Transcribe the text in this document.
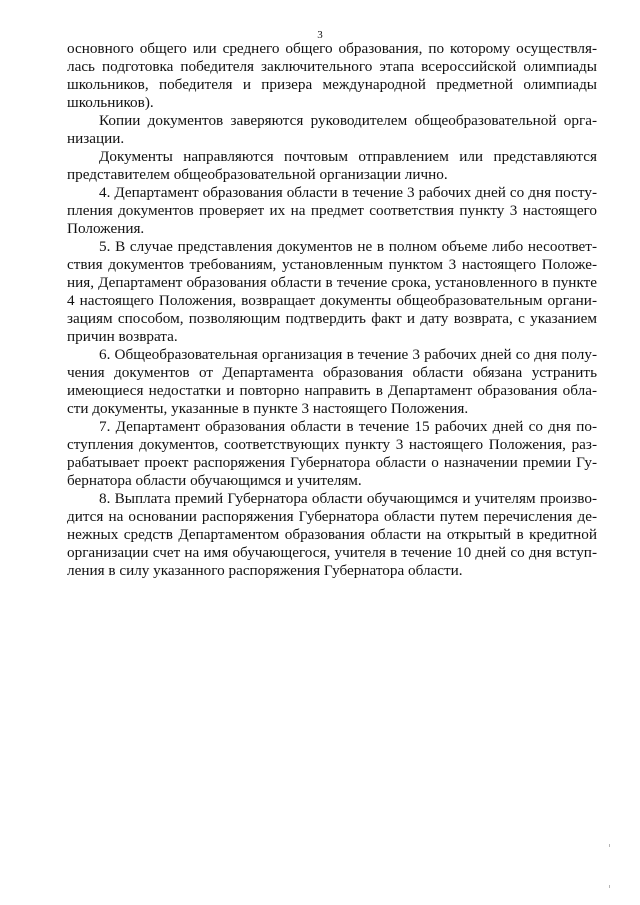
3

основного общего или среднего общего образования, по которому осуществлялась подготовка победителя заключительного этапа всероссийской олимпиады школьников, победителя и призера международной предметной олимпиады школьников).

Копии документов заверяются руководителем общеобразовательной организации.

Документы направляются почтовым отправлением или представляются представителем общеобразовательной организации лично.

4. Департамент образования области в течение 3 рабочих дней со дня поступления документов проверяет их на предмет соответствия пункту 3 настоящего Положения.

5. В случае представления документов не в полном объеме либо несоответствия документов требованиям, установленным пунктом 3 настоящего Положения, Департамент образования области в течение срока, установленного в пункте 4 настоящего Положения, возвращает документы общеобразовательным организациям способом, позволяющим подтвердить факт и дату возврата, с указанием причин возврата.

6. Общеобразовательная организация в течение 3 рабочих дней со дня получения документов от Департамента образования области обязана устранить имеющиеся недостатки и повторно направить в Департамент образования области документы, указанные в пункте 3 настоящего Положения.

7. Департамент образования области в течение 15 рабочих дней со дня поступления документов, соответствующих пункту 3 настоящего Положения, разрабатывает проект распоряжения Губернатора области о назначении премии Губернатора области обучающимся и учителям.

8. Выплата премий Губернатора области обучающимся и учителям производится на основании распоряжения Губернатора области путем перечисления денежных средств Департаментом образования области на открытый в кредитной организации счет на имя обучающегося, учителя в течение 10 дней со дня вступления в силу указанного распоряжения Губернатора области.
